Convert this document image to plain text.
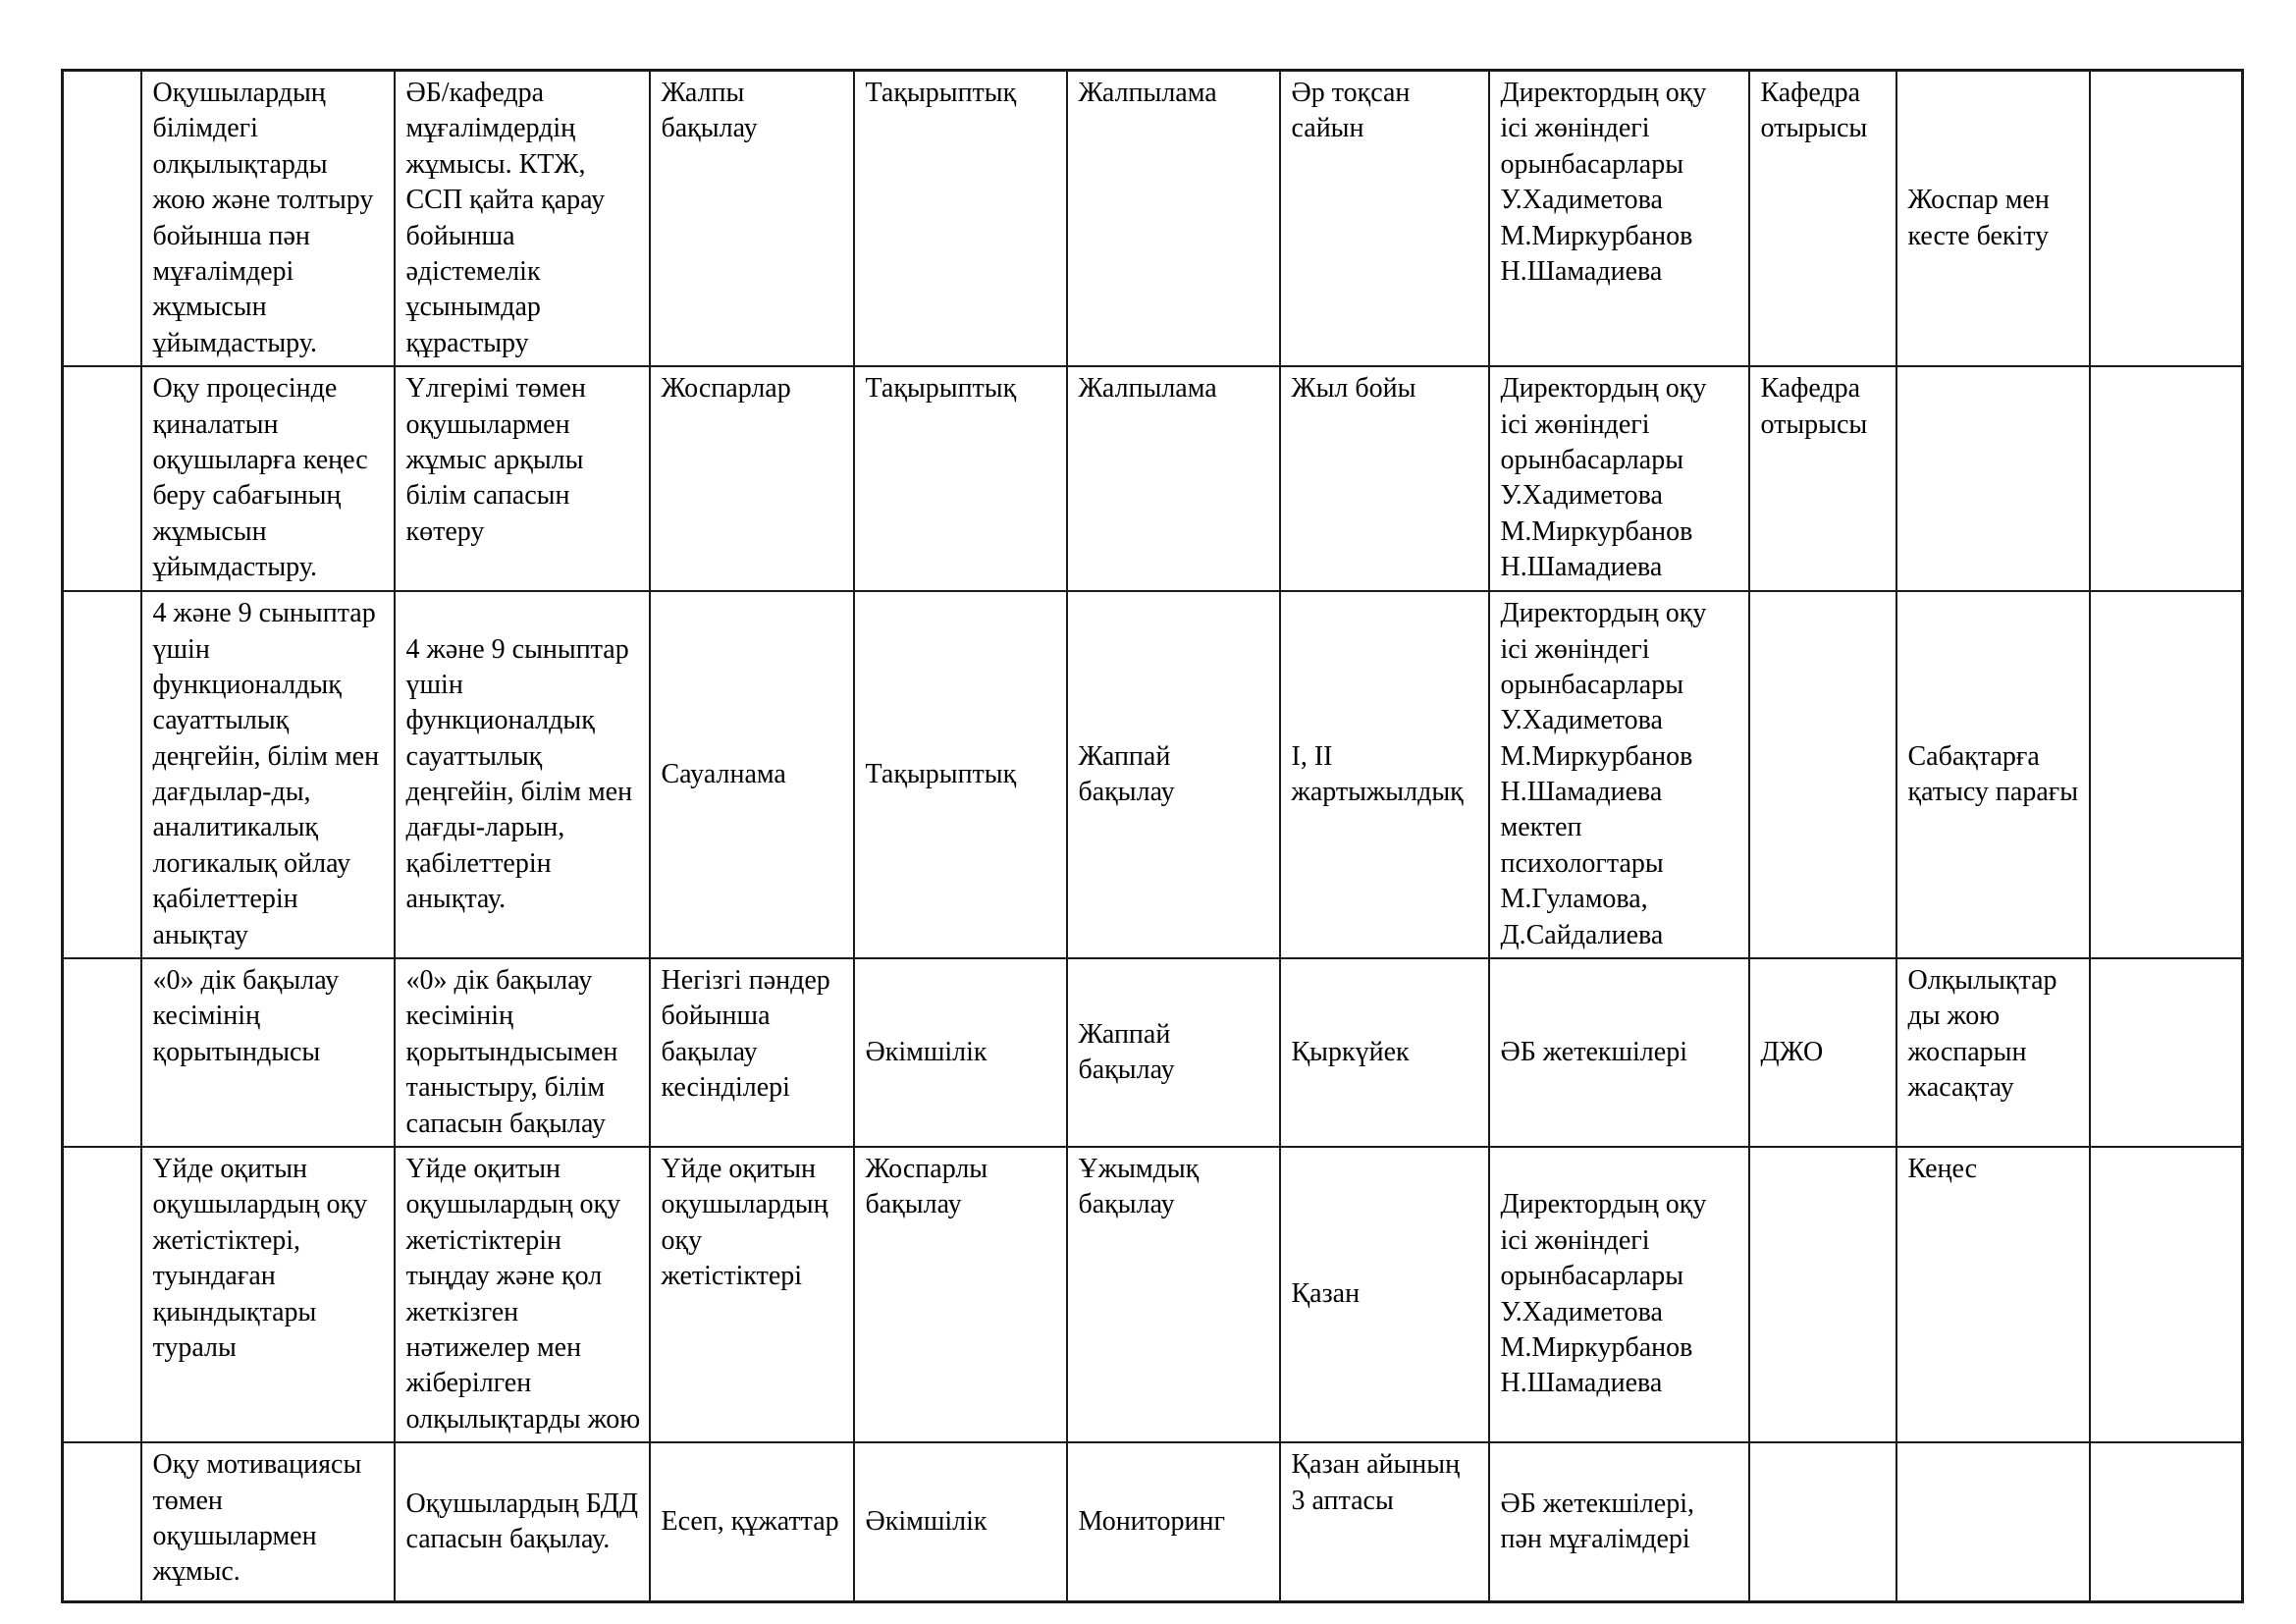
	Оқушылардың білімдегі олқылықтарды жою және толтыру бойынша пән мұғалімдері жұмысын ұйымдастыру.	ӘБ/кафедра мұғалімдердің жұмысы. КТЖ, ССП қайта қарау бойынша әдістемелік ұсынымдар құрастыру	Жалпы бақылау	Тақырыптық	Жалпылама	Әр тоқсан сайын	Директордың оқу ісі жөніндегі орынбасарлары У.Хадиметова М.Миркурбанов Н.Шамадиева	Кафедра отырысы	Жоспар мен кесте бекіту	
	Оқу процесінде қиналатын оқушыларға кеңес беру сабағының жұмысын ұйымдастыру.	Үлгерімі төмен оқушылармен жұмыс арқылы білім сапасын көтеру	Жоспарлар	Тақырыптық	Жалпылама	Жыл бойы	Директордың оқу ісі жөніндегі орынбасарлары У.Хадиметова М.Миркурбанов Н.Шамадиева	Кафедра отырысы		
	4 және 9 сыныптар үшін функционалдық сауаттылық деңгейін, білім мен дағдылар-ды, аналитикалық логикалық ойлау қабілеттерін анықтау	4 және 9 сыныптар үшін функционалдық сауаттылық деңгейін, білім мен дағды-ларын, қабілеттерін анықтау.	Сауалнама	Тақырыптық	Жаппай бақылау	I, II жартыжылдық	Директордың оқу ісі жөніндегі орынбасарлары У.Хадиметова М.Миркурбанов Н.Шамадиева мектеп психологтары М.Гуламова, Д.Сайдалиева		Сабақтарға қатысу парағы	
	«0» дік бақылау кесімінің қорытындысы	«0» дік бақылау кесімінің қорытындысымен таныстыру, білім сапасын бақылау	Негізгі пәндер бойынша бақылау кесінділері	Әкімшілік	Жаппай бақылау	Қыркүйек	ӘБ жетекшілері	ДЖО	Олқылықтар ды жою жоспарын жасақтау	
	Үйде оқитын оқушылардың оқу жетістіктері, туындаған қиындықтары туралы	Үйде оқитын оқушылардың оқу жетістіктерін тыңдау және қол жеткізген нәтижелер мен жіберілген олқылықтарды жою	Үйде оқитын оқушылардың оқу жетістіктері	Жоспарлы бақылау	Ұжымдық бақылау	Қазан	Директордың оқу ісі жөніндегі орынбасарлары У.Хадиметова М.Миркурбанов Н.Шамадиева		Кеңес	
	Оқу мотивациясы төмен оқушылармен жұмыс.	Оқушылардың БДД сапасын бақылау.	Есеп, құжаттар	Әкімшілік	Мониторинг	Қазан айының 3 аптасы	ӘБ жетекшілері, пән мұғалімдері			
